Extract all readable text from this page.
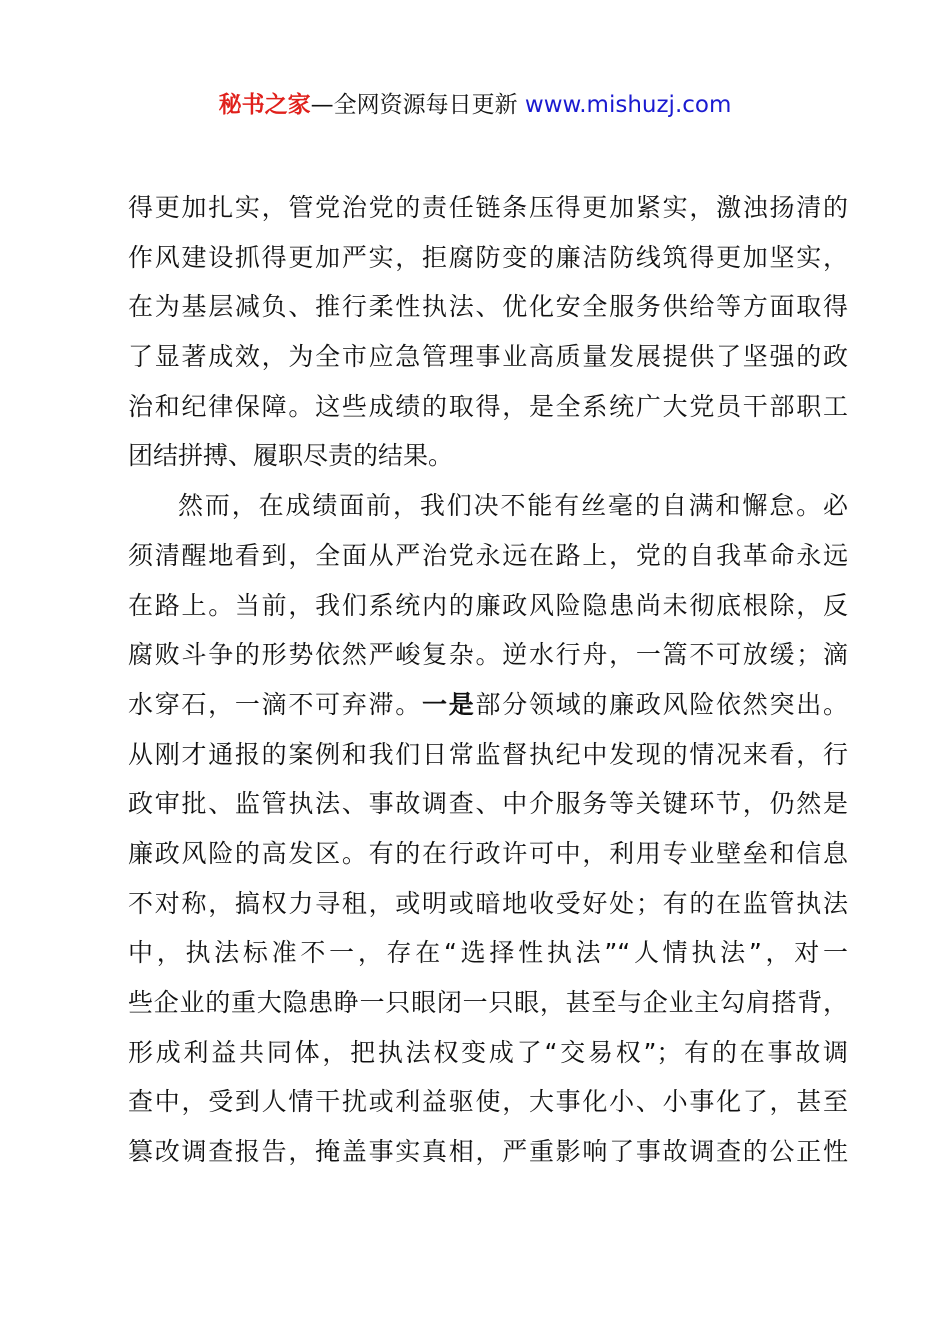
秘书之家—全网资源每日更新 www.mishuzj.com
得更加扎实，管党治党的责任链条压得更加紧实，激浊扬清的
作风建设抓得更加严实，拒腐防变的廉洁防线筑得更加坚实，
在为基层减负、推行柔性执法、优化安全服务供给等方面取得
了显著成效，为全市应急管理事业高质量发展提供了坚强的政
治和纪律保障。这些成绩的取得，是全系统广大党员干部职工
团结拼搏、履职尽责的结果。
然而，在成绩面前，我们决不能有丝毫的自满和懈怠。必
须清醒地看到，全面从严治党永远在路上，党的自我革命永远
在路上。当前，我们系统内的廉政风险隐患尚未彻底根除，反
腐败斗争的形势依然严峻复杂。逆水行舟，一篙不可放缓；滴
水穿石，一滴不可弃滞。一是部分领域的廉政风险依然突出。
从刚才通报的案例和我们日常监督执纪中发现的情况来看，行
政审批、监管执法、事故调查、中介服务等关键环节，仍然是
廉政风险的高发区。有的在行政许可中，利用专业壁垒和信息
不对称，搞权力寻租，或明或暗地收受好处；有的在监管执法
中，执法标准不一，存在“选择性执法”“人情执法”，对一
些企业的重大隐患睁一只眼闭一只眼，甚至与企业主勾肩搭背，
形成利益共同体，把执法权变成了“交易权”；有的在事故调
查中，受到人情干扰或利益驱使，大事化小、小事化了，甚至
篡改调查报告，掩盖事实真相，严重影响了事故调查的公正性
